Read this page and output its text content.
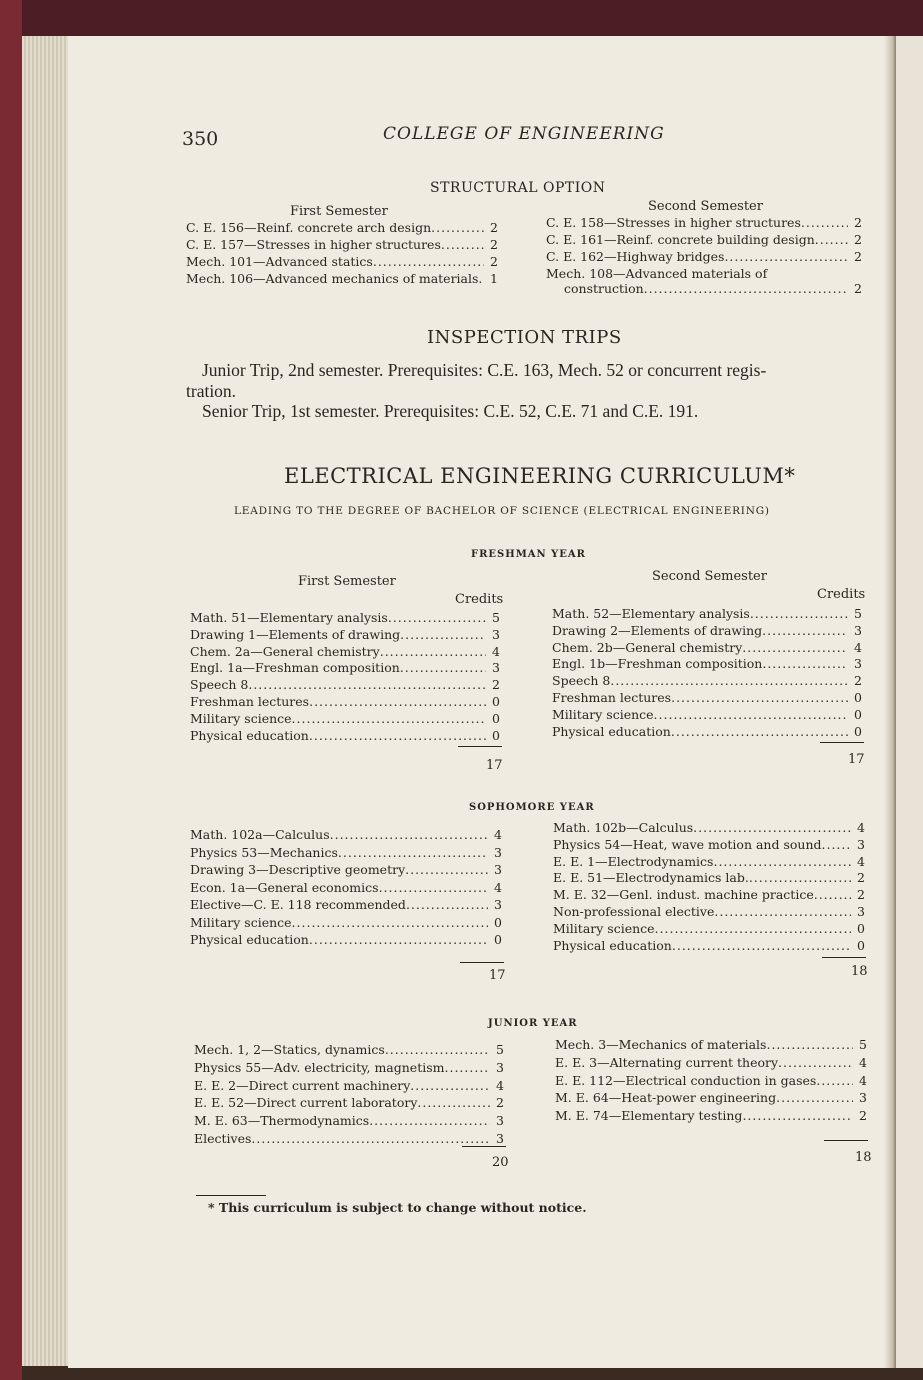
350	COLLEGE OF ENGINEERING
STRUCTURAL OPTION
First Semester	Second Semester
C. E. 156—Reinf. concrete arch design .....	2
C. E. 157—Stresses in higher structures .....	2
Mech. 101—Advanced statics .....	2
Mech. 106—Advanced mechanics of materials ..... 1
C. E. 158—Stresses in higher structures .....	2
C. E. 161—Reinf. concrete building design .....	2
C. E. 162—Highway bridges .....	2
Mech. 108—Advanced materials of
construction .....	2
INSPECTION TRIPS
Junior Trip, 2nd semester. Prerequisites: C.E. 163, Mech. 52 or concurrent regis-
tration.
Senior Trip, 1st semester. Prerequisites: C.E. 52, C.E. 71 and C.E. 191.
ELECTRICAL ENGINEERING CURRICULUM*
LEADING TO THE DEGREE OF BACHELOR OF SCIENCE (ELECTRICAL ENGINEERING)
FRESHMAN YEAR
First Semester	Second Semester
Credits	Credits
Math. 51—Elementary analysis .....	5
Drawing 1—Elements of drawing .....	3
Chem. 2a—General chemistry .....	4
Engl. 1a—Freshman composition .....	3
Speech 8 .....	2
Freshman lectures .....	0
Military science .....	0
Physical education .....	0
Math. 52—Elementary analysis .....	5
Drawing 2—Elements of drawing .....	3
Chem. 2b—General chemistry .....	4
Engl. 1b—Freshman composition .....	3
Speech 8 .....	2
Freshman lectures .....	0
Military science .....	0
Physical education .....	0
17	17
SOPHOMORE YEAR
Math. 102a—Calculus .....	4
Physics 53—Mechanics .....	3
Drawing 3—Descriptive geometry .....	3
Econ. 1a—General economics .....	4
Elective—C. E. 118 recommended .....	3
Military science .....	0
Physical education .....	0
Math. 102b—Calculus .....	4
Physics 54—Heat, wave motion and sound .....	3
E. E. 1—Electrodynamics .....	4
E. E. 51—Electrodynamics lab. .....	2
M. E. 32—Genl. indust. machine practice .....	2
Non-professional elective .....	3
Military science .....	0
Physical education .....	0
17	18
JUNIOR YEAR
Mech. 1, 2—Statics, dynamics .....	5
Physics 55—Adv. electricity, magnetism .....	3
E. E. 2—Direct current machinery .....	4
E. E. 52—Direct current laboratory .....	2
M. E. 63—Thermodynamics .....	3
Electives .....	3
Mech. 3—Mechanics of materials .....	5
E. E. 3—Alternating current theory .....	4
E. E. 112—Electrical conduction in gases .....	4
M. E. 64—Heat-power engineering .....	3
M. E. 74—Elementary testing .....	2
20	18
* This curriculum is subject to change without notice.
